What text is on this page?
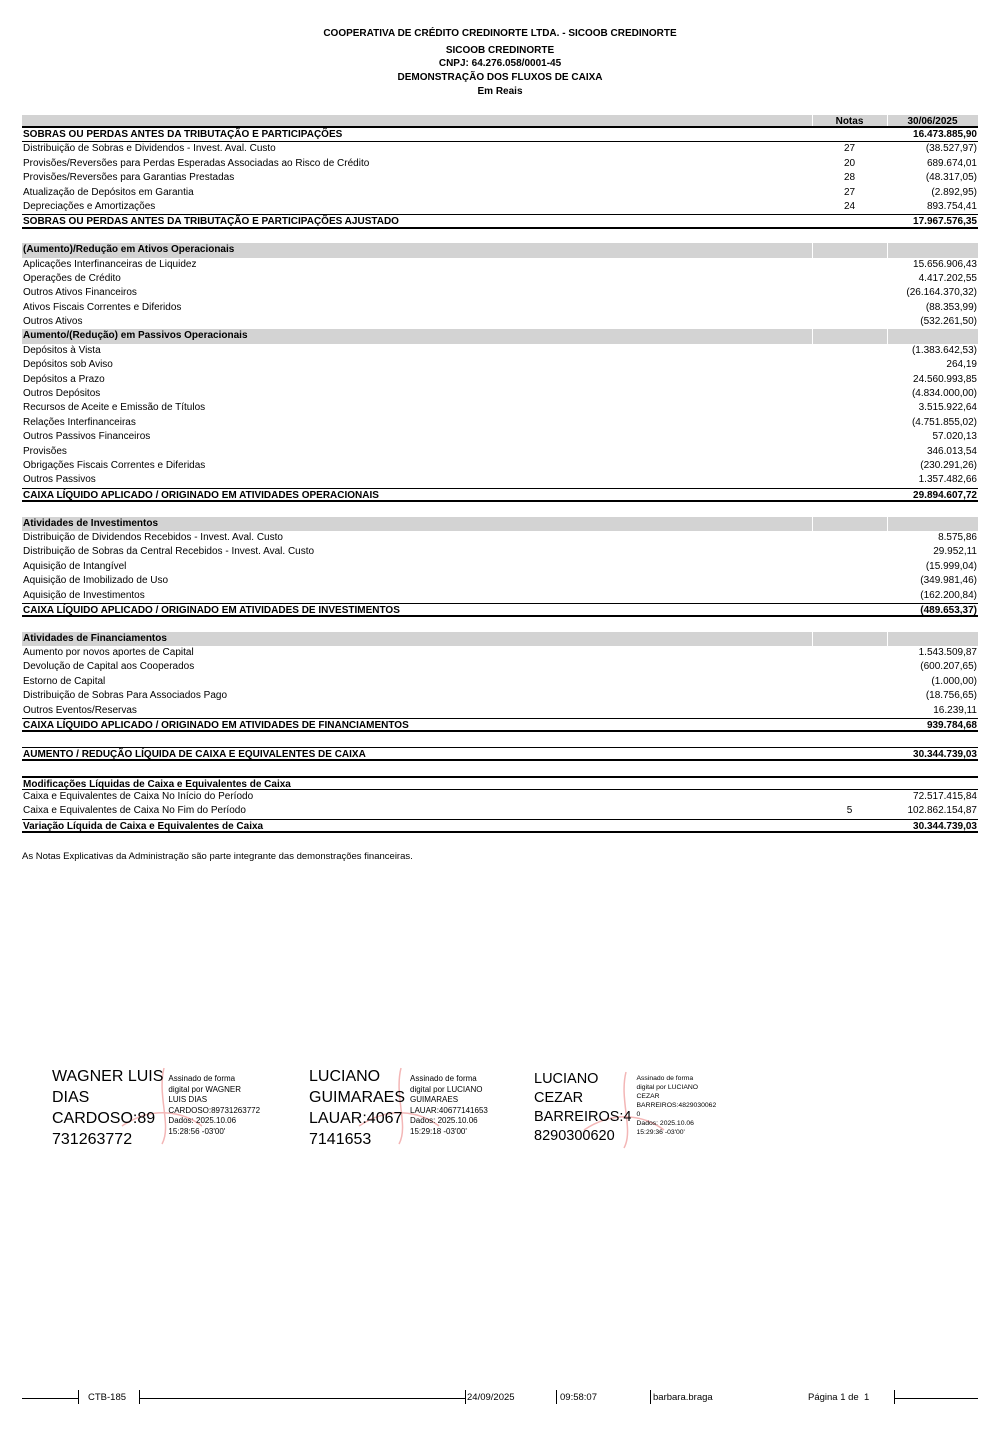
COOPERATIVA DE CRÉDITO CREDINORTE LTDA. - SICOOB CREDINORTE
SICOOB CREDINORTE
CNPJ: 64.276.058/0001-45
DEMONSTRAÇÃO DOS FLUXOS DE CAIXA
Em Reais
Notas	30/06/2025
SOBRAS OU PERDAS ANTES DA TRIBUTAÇÃO E PARTICIPAÇÕES	16.473.885,90
Distribuição de Sobras e Dividendos - Invest. Aval. Custo	27	(38.527,97)
Provisões/Reversões para Perdas Esperadas Associadas ao Risco de Crédito	20	689.674,01
Provisões/Reversões para Garantias Prestadas	28	(48.317,05)
Atualização de Depósitos em Garantia	27	(2.892,95)
Depreciações e Amortizações	24	893.754,41
SOBRAS OU PERDAS ANTES DA TRIBUTAÇÃO E PARTICIPAÇÕES AJUSTADO	17.967.576,35
(Aumento)/Redução em Ativos Operacionais
Aplicações Interfinanceiras de Liquidez	15.656.906,43
Operações de Crédito	4.417.202,55
Outros Ativos Financeiros	(26.164.370,32)
Ativos Fiscais Correntes e Diferidos	(88.353,99)
Outros Ativos	(532.261,50)
Aumento/(Redução) em Passivos Operacionais
Depósitos à Vista	(1.383.642,53)
Depósitos sob Aviso	264,19
Depósitos a Prazo	24.560.993,85
Outros Depósitos	(4.834.000,00)
Recursos de Aceite e Emissão de Títulos	3.515.922,64
Relações Interfinanceiras	(4.751.855,02)
Outros Passivos Financeiros	57.020,13
Provisões	346.013,54
Obrigações Fiscais Correntes e Diferidas	(230.291,26)
Outros Passivos	1.357.482,66
CAIXA LÍQUIDO APLICADO / ORIGINADO EM ATIVIDADES OPERACIONAIS	29.894.607,72
Atividades de Investimentos
Distribuição de Dividendos Recebidos - Invest. Aval. Custo	8.575,86
Distribuição de Sobras da Central Recebidos - Invest. Aval. Custo	29.952,11
Aquisição de Intangível	(15.999,04)
Aquisição de Imobilizado de Uso	(349.981,46)
Aquisição de Investimentos	(162.200,84)
CAIXA LÍQUIDO APLICADO / ORIGINADO EM ATIVIDADES DE INVESTIMENTOS	(489.653,37)
Atividades de Financiamentos
Aumento por novos aportes de Capital	1.543.509,87
Devolução de Capital aos Cooperados	(600.207,65)
Estorno de Capital	(1.000,00)
Distribuição de Sobras Para Associados Pago	(18.756,65)
Outros Eventos/Reservas	16.239,11
CAIXA LÍQUIDO APLICADO / ORIGINADO EM ATIVIDADES DE FINANCIAMENTOS	939.784,68
AUMENTO / REDUÇÃO LÍQUIDA DE CAIXA E EQUIVALENTES DE CAIXA	30.344.739,03
Modificações Líquidas de Caixa e Equivalentes de Caixa
Caixa e Equivalentes de Caixa No Início do Período	72.517.415,84
Caixa e Equivalentes de Caixa No Fim do Período	5	102.862.154,87
Variação Líquida de Caixa e Equivalentes de Caixa	30.344.739,03
As Notas Explicativas da Administração são parte integrante das demonstrações financeiras.
WAGNER LUIS
DIAS
CARDOSO:89
731263772
Assinado de forma
digital por WAGNER
LUIS DIAS
CARDOSO:89731263772
Dados: 2025.10.06
15:28:56 -03'00'
LUCIANO
GUIMARAES
LAUAR:4067
7141653
Assinado de forma
digital por LUCIANO
GUIMARAES
LAUAR:40677141653
Dados: 2025.10.06
15:29:18 -03'00'
LUCIANO
CEZAR
BARREIROS:4
8290300620
Assinado de forma
digital por LUCIANO
CEZAR
BARREIROS:4829030062
0
Dados: 2025.10.06
15:29:36 -03'00'
CTB-185	24/09/2025	09:58:07	barbara.braga	Página 1 de  1
